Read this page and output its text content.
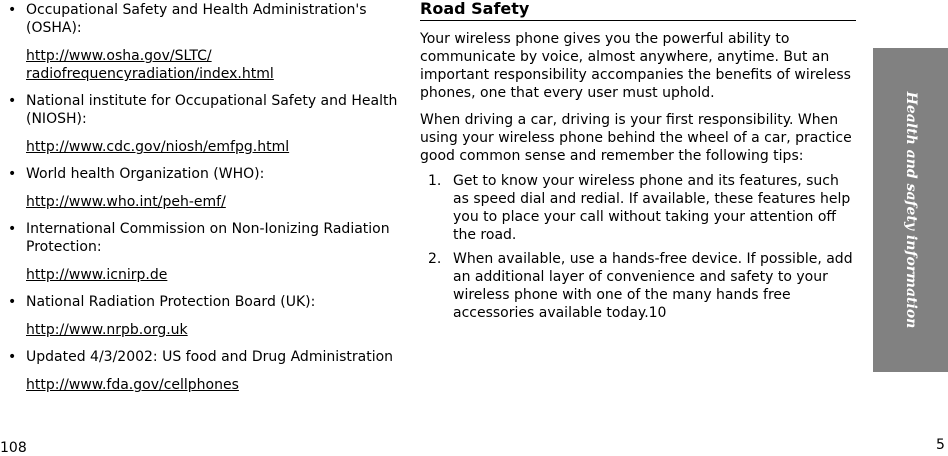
• Occupational Safety and Health Administration's (OSHA):
http://www.osha.gov/SLTC/ radiofrequencyradiation/index.html
• National institute for Occupational Safety and Health (NIOSH):
http://www.cdc.gov/niosh/emfpg.html
• World health Organization (WHO):
http://www.who.int/peh-emf/
• International Commission on Non-Ionizing Radiation Protection:
http://www.icnirp.de
• National Radiation Protection Board (UK):
http://www.nrpb.org.uk
• Updated 4/3/2002: US food and Drug Administration
http://www.fda.gov/cellphones
Road Safety

Your wireless phone gives you the powerful ability to communicate by voice, almost anywhere, anytime. But an important responsibility accompanies the benefits of wireless phones, one that every user must uphold.

When driving a car, driving is your first responsibility. When using your wireless phone behind the wheel of a car, practice good common sense and remember the following tips:

1. Get to know your wireless phone and its features, such as speed dial and redial. If available, these features help you to place your call without taking your attention off the road.
2. When available, use a hands-free device. If possible, add an additional layer of convenience and safety to your wireless phone with one of the many hands free accessories available today.10	Health and safety information
108	5
